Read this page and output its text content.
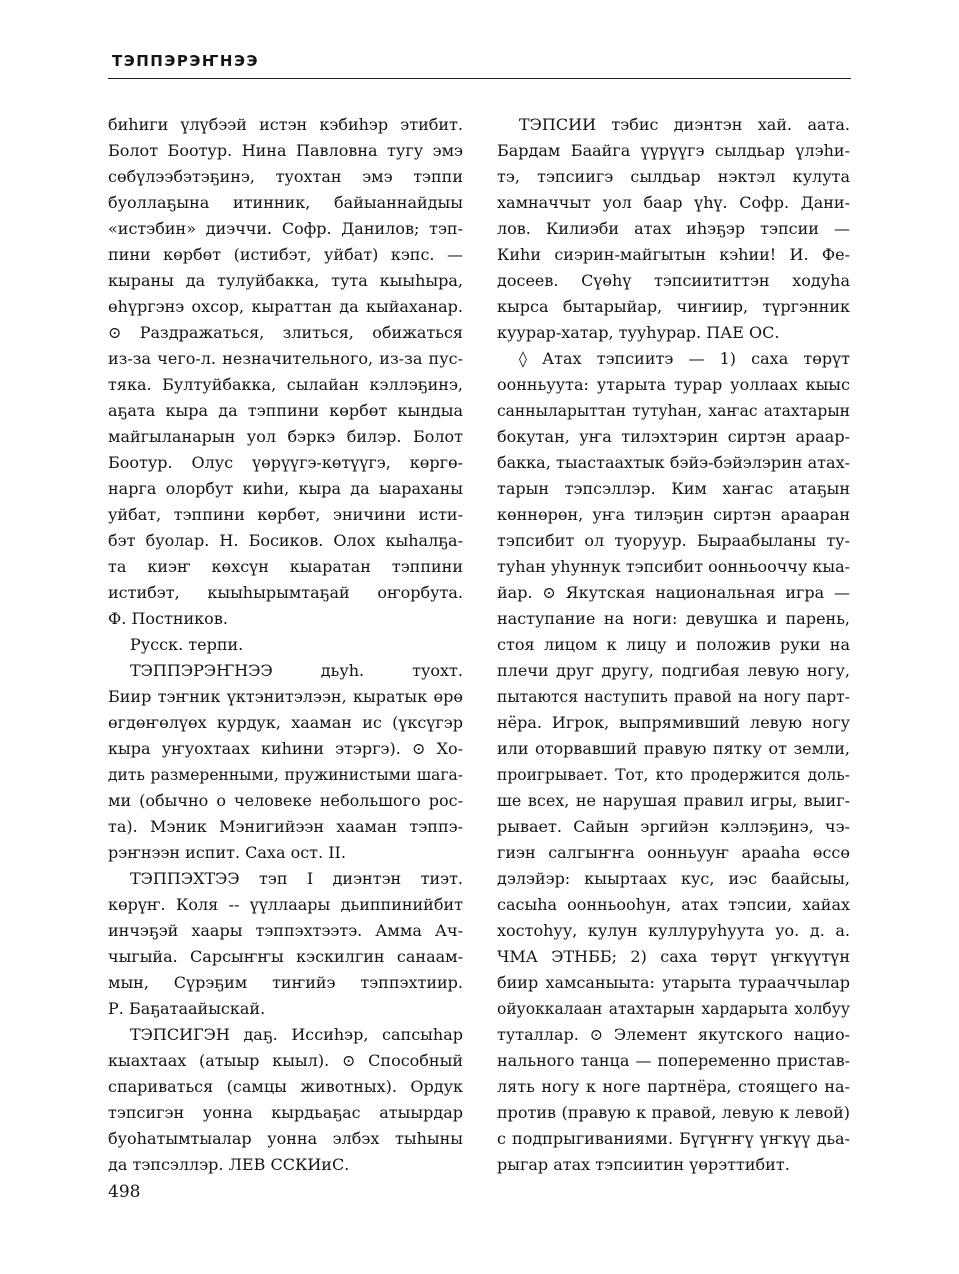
ТЭППЭРЭҤНЭЭ
биһиги үлүбээй истэн кэбиһэр этибит.
Болот Боотур. Нина Павловна тугу эмэ
сөбүлээбэтэҕинэ, туохтан эмэ тэппи
буоллаҕына итинник, байыаннайдыы
«истэбин» диэччи. Софр. Данилов; тэп-
пини көрбөт (истибэт, уйбат) кэпс. —
кыраны да тулуйбакка, тута кыыһыра,
өһүргэнэ охсор, кыраттан да кыйаханар.
⊙ Раздражаться, злиться, обижаться
из-за чего-л. незначительного, из-за пус-
тяка. Бултуйбакка, сылайан кэллэҕинэ,
аҕата кыра да тэппини көрбөт кындыа
майгыланарын уол бэркэ билэр. Болот
Боотур. Олус үөрүүгэ-көтүүгэ, көргө-
нарга олорбут киһи, кыра да ыараханы
уйбат, тэппини көрбөт, эничини исти-
бэт буолар. Н. Босиков. Олох кыһалҕа-
та киэҥ көхсүн кыаратан тэппини
истибэт, кыыһырымтаҕай оҥорбута.
Ф. Постников.
Русск. терпи.
ТЭППЭРЭҤНЭЭ дьуһ. туохт.
Биир тэҥник үктэнитэлээн, кыратык өрө
өгдөҥөлүөх курдук, хааман ис (үксүгэр
кыра уҥуохтаах киһини этэргэ). ⊙ Хо-
дить размеренными, пружинистыми шага-
ми (обычно о человеке небольшого рос-
та). Мэник Мэнигийээн хааман тэппэ-
рэҥнээн испит. Саха ост. II.
ТЭППЭХТЭЭ тэп I диэнтэн тиэт.
көрүҥ. Коля -- үүллаары дьиппинийбит
инчэҕэй хаары тэппэхтээтэ. Амма Ач-
чыгыйа. Сарсыҥҥы кэскилгин санаам-
мын, Сүрэҕим тиҥийэ тэппэхтиир.
Р. Баҕатаайыскай.
ТЭПСИГЭН даҕ. Иссиһэр, сапсыһар
кыахтаах (атыыр кыыл). ⊙ Способный
спариваться (самцы животных). Ордук
тэпсигэн уонна кырдьаҕас атыырдар
буоһатымтыалар уонна элбэх тыһыны
да тэпсэллэр. ЛЕВ ССКИиС.
ТЭПСИИ тэбис диэнтэн хай. аата.
Бардам Баайга үүрүүгэ сылдьар үлэһи-
тэ, тэпсиигэ сылдьар нэктэл кулута
хамначчыт уол баар үһү. Софр. Дани-
лов. Килиэби атах иһэҕэр тэпсии —
Киһи сиэрин-майгытын кэһии! И. Фе-
досеев. Сүөһү тэпсиититтэн ходуһа
кырса бытарыйар, чиҥиир, түргэнник
куурар-хатар, тууһурар. ПАЕ ОС.
◊ Атах тэпсиитэ — 1) саха төрүт
оонньуута: утарыта турар уоллаах кыыс
санныларыттан тутуһан, хаҥас атахтарын
бокутан, уҥа тилэхтэрин сиртэн араар-
бакка, тыастаахтык бэйэ-бэйэлэрин атах-
тарын тэпсэллэр. Ким хаҥас атаҕын
көннөрөн, уҥа тилэҕин сиртэн арааран
тэпсибит ол туоруур. Быраабыланы ту-
туһан уһуннук тэпсибит оонньооччу кыа-
йар. ⊙ Якутская национальная игра —
наступание на ноги: девушка и парень,
стоя лицом к лицу и положив руки на
плечи друг другу, подгибая левую ногу,
пытаются наступить правой на ногу парт-
нёра. Игрок, выпрямивший левую ногу
или оторвавший правую пятку от земли,
проигрывает. Тот, кто продержится доль-
ше всех, не нарушая правил игры, выиг-
рывает. Сайын эргийэн кэллэҕинэ, чэ-
гиэн салгыҥҥа оонньууҥ арааһа өссө
дэлэйэр: кыыртаах кус, иэс баайсыы,
сасыһа оонньооһун, атах тэпсии, хайах
хостоһуу, кулун куллуруһуута уо. д. а.
ЧМА ЭТНББ; 2) саха төрүт үҥкүүтүн
биир хамсаныыта: утарыта турааччылар
ойуоккалаан атахтарын хардарыта холбуу
туталлар. ⊙ Элемент якутского нацио-
нального танца — попеременно пристав-
лять ногу к ноге партнёра, стоящего на-
против (правую к правой, левую к левой)
с подпрыгиваниями. Бүгүҥҥү үҥкүү дьа-
рыгар атах тэпсиитин үөрэттибит.
498
